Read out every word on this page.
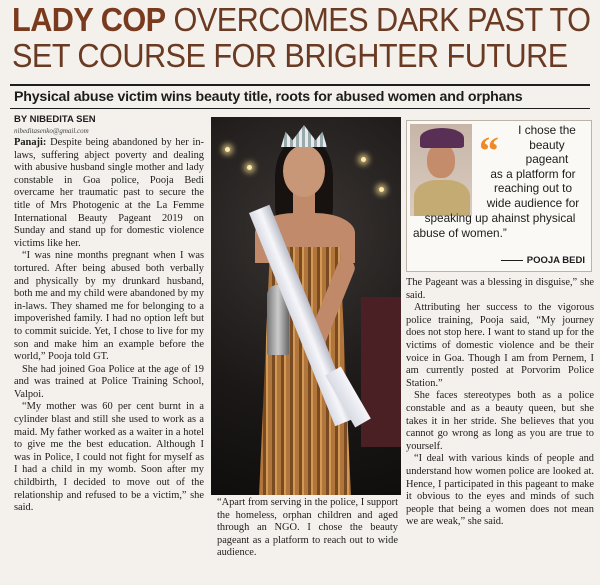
LADY COP OVERCOMES DARK PAST TO
SET COURSE FOR BRIGHTER FUTURE
Physical abuse victim wins beauty title, roots for abused women and orphans
BY NIBEDITA SEN
nibeditasenko@gmail.com

Panaji: Despite being abandoned by her in-laws, suffering abject poverty and dealing with abusive husband single mother and lady constable in Goa police, Pooja Bedi overcame her traumatic past to secure the title of Mrs Photogenic at the La Femme International Beauty Pageant 2019 on Sunday and stand up for domestic violence victims like her.

“I was nine months pregnant when I was tortured. After being abused both verbally and physically by my drunkard husband, both me and my child were abandoned by my in-laws. They shamed me for belonging to a impoverished family. I had no option left but to commit suicide. Yet, I chose to live for my son and make him an example before the world,” Pooja told GT.

She had joined Goa Police at the age of 19 and was trained at Police Training School, Valpoi.

“My mother was 60 per cent burnt in a cylinder blast and still she used to work as a maid. My father worked as a waiter in a hotel to give me the best education. Although I was in Police, I could not fight for myself as I had a child in my womb. Soon after my childbirth, I decided to move out of the relationship and refused to be a victim,” she said.	“Apart from serving in the police, I support the homeless, orphan children and aged through an NGO. I chose the beauty pageant as a platform to reach out to wide audience.

“	I chose the
beauty
pageant
as a platform for
reaching out to
wide audience for
speaking up ahainst physical
abuse of women.”
POOJA BEDI

The Pageant was a blessing in disguise,” she said.

Attributing her success to the vigorous police training, Pooja said, “My journey does not stop here. I want to stand up for the victims of domestic violence and be their voice in Goa. Though I am from Pernem, I am currently posted at Porvorim Police Station.”

She faces stereotypes both as a police constable and as a beauty queen, but she takes it in her stride. She believes that you cannot go wrong as long as you are true to yourself.

“I deal with various kinds of people and understand how women police are looked at. Hence, I participated in this pageant to make it obvious to the eyes and minds of such people that being a women does not mean we are weak,” she said.
